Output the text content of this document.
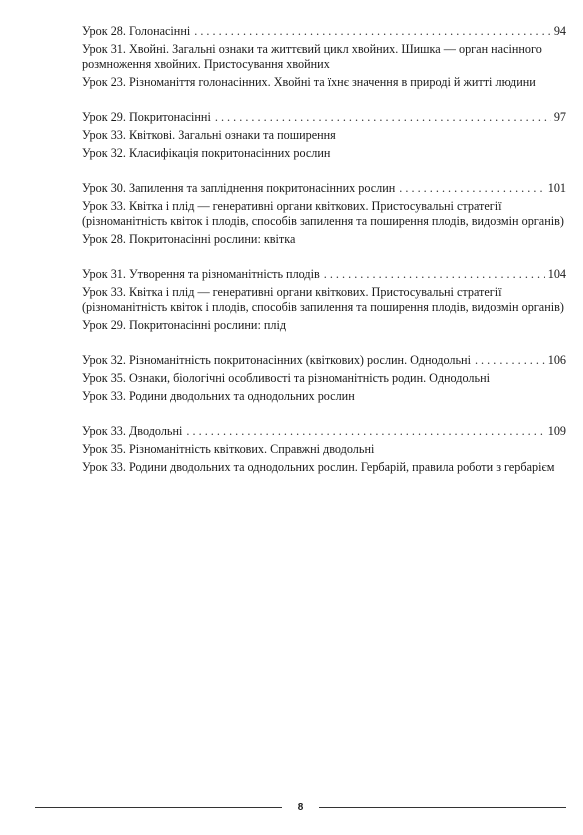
Урок 28. Голонасінні . . .	94
Урок 31. Хвойні. Загальні ознаки та життєвий цикл хвойних. Шишка — орган насінного розмноження хвойних. Пристосування хвойних
Урок 23. Різноманіття голонасінних. Хвойні та їхнє значення в природі й житті людини
Урок 29. Покритонасінні . . .	97
Урок 33. Квіткові. Загальні ознаки та поширення
Урок 32. Класифікація покритонасінних рослин
Урок 30. Запилення та запліднення покритонасінних рослин . . .	101
Урок 33. Квітка і плід — генеративні органи квіткових. Пристосувальні стратегії (різноманітність квіток і плодів, способів запилення та поширення плодів, видозмін органів)
Урок 28. Покритонасінні рослини: квітка
Урок 31. Утворення та різноманітність плодів . . .	104
Урок 33. Квітка і плід — генеративні органи квіткових. Пристосувальні стратегії (різноманітність квіток і плодів, способів запилення та поширення плодів, видозмін органів)
Урок 29. Покритонасінні рослини: плід
Урок 32. Різноманітність покритонасінних (квіткових) рослин. Однодольні . . .	106
Урок 35. Ознаки, біологічні особливості та різноманітність родин. Однодольні
Урок 33. Родини дводольних та однодольних рослин
Урок 33. Дводольні . . .	109
Урок 35. Різноманітність квіткових. Справжні дводольні
Урок 33. Родини дводольних та однодольних рослин. Гербарій, правила роботи з гербарієм
8
